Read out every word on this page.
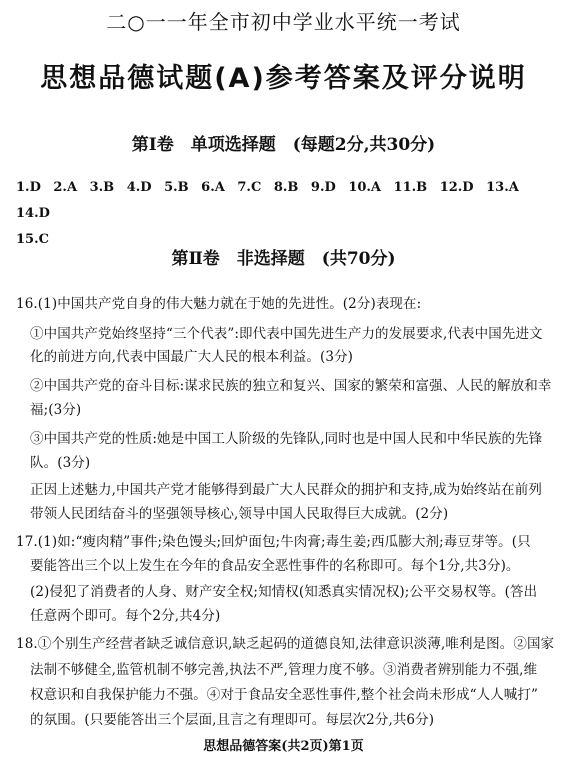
二○一一年全市初中学业水平统一考试
思想品德试题(A)参考答案及评分说明
第Ⅰ卷　单项选择题　(每题2分,共30分)
1.D 2.A 3.B 4.D 5.B 6.A 7.C 8.B 9.D 10.A 11.B 12.D 13.A 14.D
15.C
第Ⅱ卷　非选择题　(共70分)
16.(1)中国共产党自身的伟大魅力就在于她的先进性。(2分)表现在:
①中国共产党始终坚持“三个代表”:即代表中国先进生产力的发展要求,代表中国先进文
化的前进方向,代表中国最广大人民的根本利益。(3分)
②中国共产党的奋斗目标:谋求民族的独立和复兴、国家的繁荣和富强、人民的解放和幸
福;(3分)
③中国共产党的性质:她是中国工人阶级的先锋队,同时也是中国人民和中华民族的先锋
队。(3分)
正因上述魅力,中国共产党才能够得到最广大人民群众的拥护和支持,成为始终站在前列
带领人民团结奋斗的坚强领导核心,领导中国人民取得巨大成就。(2分)
17.(1)如:“瘦肉精”事件;染色馒头;回炉面包;牛肉膏;毒生姜;西瓜膨大剂;毒豆芽等。(只
要能答出三个以上发生在今年的食品安全恶性事件的名称即可。每个1分,共3分)。
(2)侵犯了消费者的人身、财产安全权;知情权(知悉真实情况权);公平交易权等。(答出
任意两个即可。每个2分,共4分)
18.①个别生产经营者缺乏诚信意识,缺乏起码的道德良知,法律意识淡薄,唯利是图。②国家
法制不够健全,监管机制不够完善,执法不严,管理力度不够。③消费者辨别能力不强,维
权意识和自我保护能力不强。④对于食品安全恶性事件,整个社会尚未形成“人人喊打”
的氛围。(只要能答出三个层面,且言之有理即可。每层次2分,共6分)
思想品德答案(共2页)第1页
